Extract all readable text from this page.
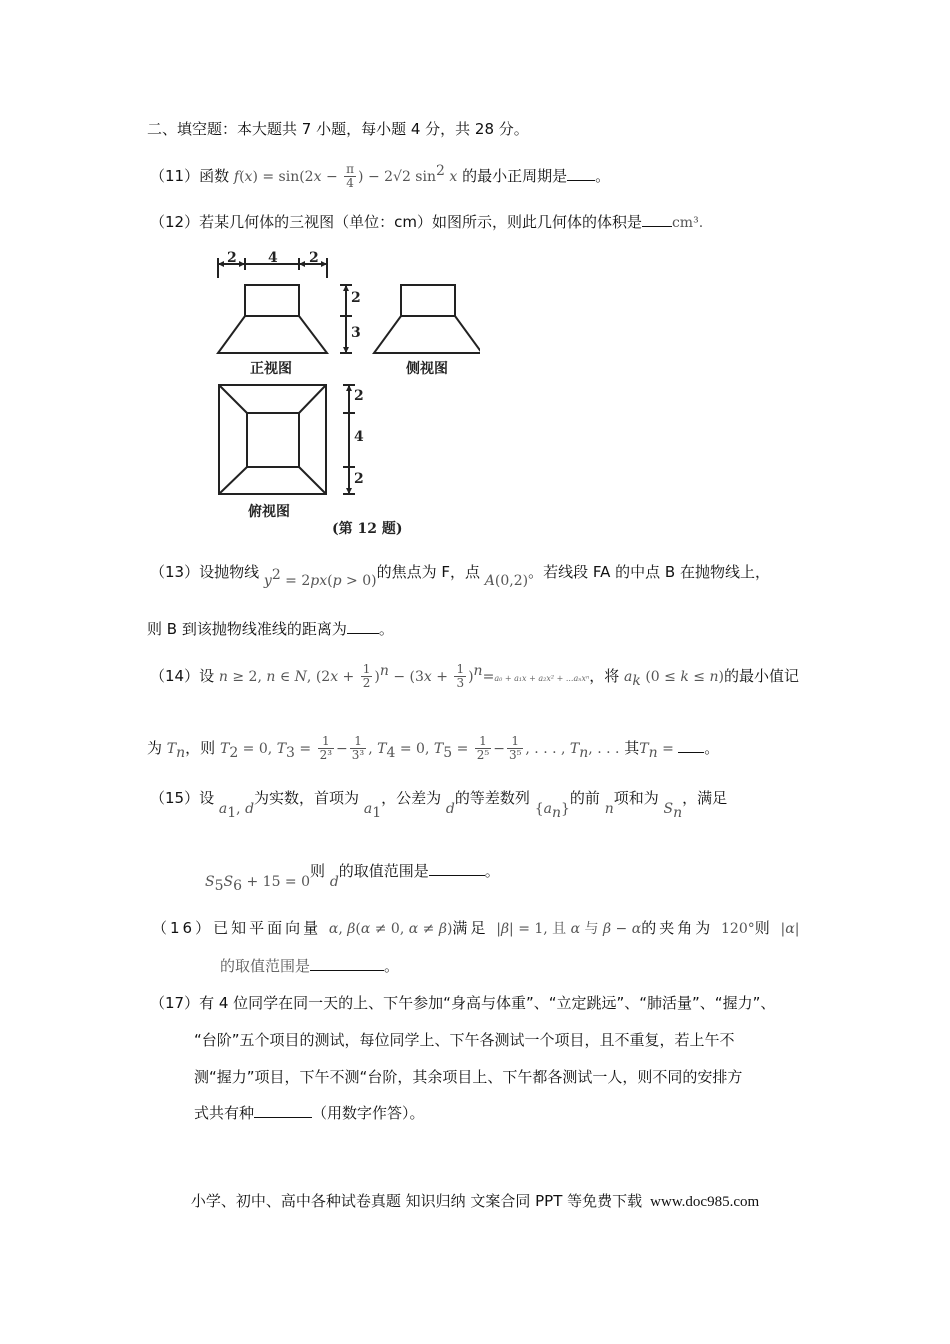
二、填空题：本大题共 7 小题，每小题 4 分，共 28 分。
（11）函数 $f(x) = \sin(2x - \frac{\pi}{4}$ ) − 2√2 $\sin^2 x$ 的最小正周期是 。
（12）若某几何体的三视图（单位：cm）如图所示，则此几何体的体积是 cm³.
2 4 2
2
3
2
4
2
正视图	侧视图
俯视图
(第 12 题)
（13）设抛物线 $y^2 = 2px(p > 0)$的焦点为 F，点 A(0,2)。若线段 FA 的中点 B 在抛物线上，
则 B 到该抛物线准线的距离为 。
（14）设 n ≥ 2, n ∈ N, $(2x + \frac{1}{2} )^n - (3x + \frac{1}{3} )^n=a_0 + a_1x + a_2x^2 + ...a_nx^n$，将 $a_k$ (0 ≤ k ≤ n)的最小值记
为 $T_n$，则 $T_2 = 0$, $T_3 = \frac{1}{\text{2³}} - \frac{1}{\text{3³}}$ , $T_4 = 0$, $T_5 = \frac{1}{\text{2⁵}} - \frac{1}{\text{3⁵}}$ , . . . , $T_n$, . . . 其$T_n$ = 。
（15）设 $a_1$, d为实数，首项为 $a_1$，公差为 d的等差数列 $\{a_n\}$的前 n项和为 $S_n$，满足
$S_5S_6 + 15 = 0$则 d的取值范围是	。
（16）已知平面向量 α, β(α ≠ 0, α ≠ β)满足 |β| = 1, 且 α 与 β − α的夹角为 120°则 |α|
的取值范围是	。
（17）有 4 位同学在同一天的上、下午参加“身高与体重”、“立定跳远”、“肺活量”、“握力”、
“台阶”五个项目的测试，每位同学上、下午各测试一个项目，且不重复，若上午不
测“握力”项目，下午不测“台阶，其余项目上、下午都各测试一人，则不同的安排方
式共有种	（用数字作答）。
小学、初中、高中各种试卷真题 知识归纳 文案合同 PPT 等免费下载 www.doc985.com
